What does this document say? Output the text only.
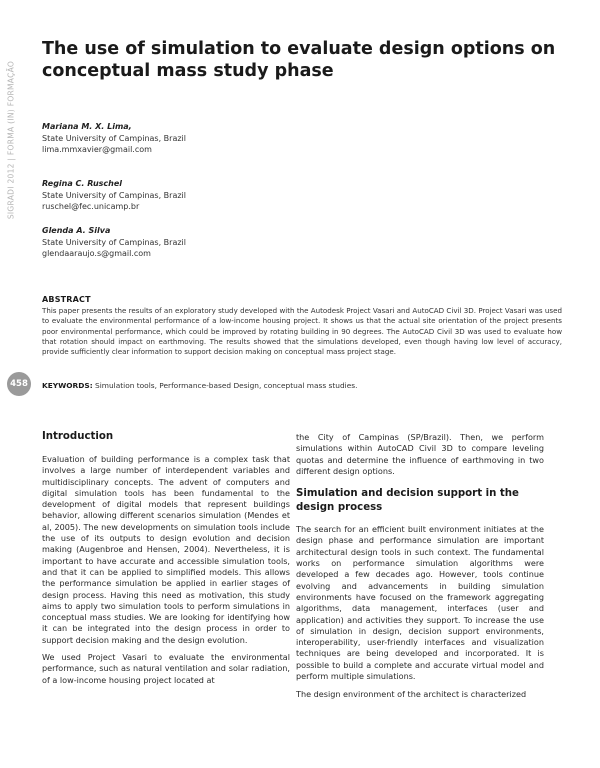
SIGRADI 2012 | FORMA (IN) FORMAÇÃO
458
The use of simulation to evaluate design options on conceptual mass study phase
Mariana M. X. Lima,
State University of Campinas, Brazil
lima.mmxavier@gmail.com
Regina C. Ruschel
State University of Campinas, Brazil
ruschel@fec.unicamp.br
Glenda A. Silva
State University of Campinas, Brazil
glendaaraujo.s@gmail.com
ABSTRACT

This paper presents the results of an exploratory study developed with the Autodesk Project Vasari and AutoCAD Civil 3D. Project Vasari was used to evaluate the environmental performance of a low-income housing project. It shows us that the actual site orientation of the project presents poor environmental performance, which could be improved by rotating building in 90 degrees. The AutoCAD Civil 3D was used to evaluate how that rotation should impact on earthmoving. The results showed that the simulations developed, even though having low level of accuracy, provide sufficiently clear information to support decision making on conceptual mass project stage.

KEYWORDS: Simulation tools, Performance-based Design, conceptual mass studies.
Introduction

Evaluation of building performance is a complex task that involves a large number of interdependent variables and multidisciplinary concepts. The advent of computers and digital simulation tools has been fundamental to the development of digital models that represent buildings behavior, allowing different scenarios simulation (Mendes et al, 2005). The new developments on simulation tools include the use of its outputs to design evolution and decision making (Augenbroe and Hensen, 2004). Nevertheless, it is important to have accurate and accessible simulation tools, and that it can be applied to simplified models. This allows the performance simulation be applied in earlier stages of design process. Having this need as motivation, this study aims to apply two simulation tools to perform simulations in conceptual mass studies. We are looking for identifying how it can be integrated into the design process in order to support decision making and the design evolution.

We used Project Vasari to evaluate the environmental performance, such as natural ventilation and solar radiation, of a low-income housing project located at

the City of Campinas (SP/Brazil). Then, we perform simulations within AutoCAD Civil 3D to compare leveling quotas and determine the influence of earthmoving in two different design options.

Simulation and decision support in the design process

The search for an efficient built environment initiates at the design phase and performance simulation are important architectural design tools in such context. The fundamental works on performance simulation algorithms were developed a few decades ago. However, tools continue evolving and advancements in building simulation environments have focused on the framework aggregating algorithms, data management, interfaces (user and application) and activities they support. To increase the use of simulation in design, decision support environments, interoperability, user-friendly interfaces and visualization techniques are being developed and incorporated. It is possible to build a complete and accurate virtual model and perform multiple simulations.

The design environment of the architect is characterized
